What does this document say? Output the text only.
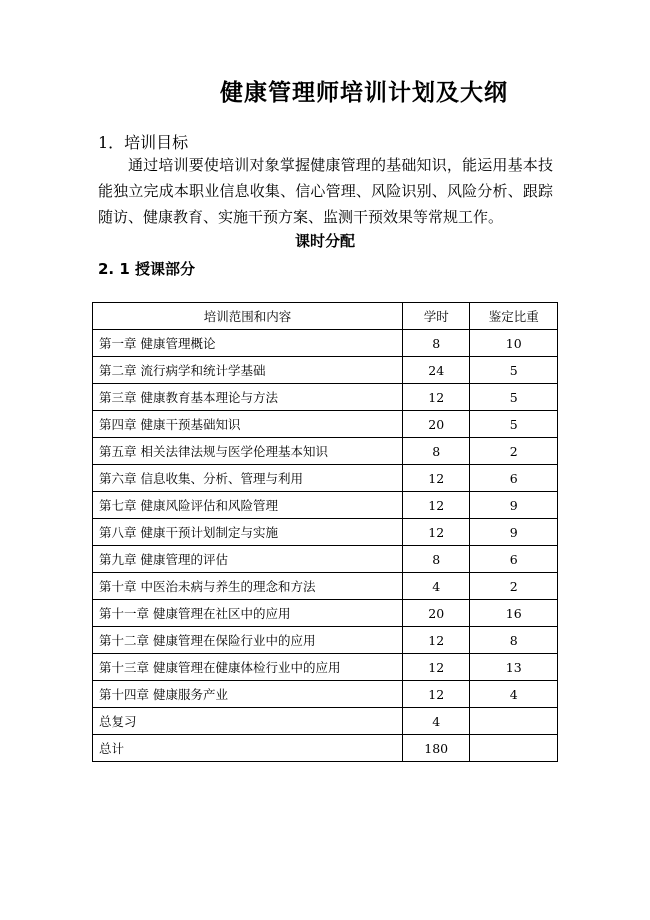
健康管理师培训计划及大纲
1．培训目标
通过培训要使培训对象掌握健康管理的基础知识，能运用基本技能独立完成本职业信息收集、信心管理、风险识别、风险分析、跟踪随访、健康教育、实施干预方案、监测干预效果等常规工作。
课时分配
2. 1 授课部分
培训范围和内容	学时	鉴定比重
第一章 健康管理概论	8	10
第二章 流行病学和统计学基础	24	5
第三章 健康教育基本理论与方法	12	5
第四章 健康干预基础知识	20	5
第五章 相关法律法规与医学伦理基本知识	8	2
第六章 信息收集、分析、管理与利用	12	6
第七章 健康风险评估和风险管理	12	9
第八章 健康干预计划制定与实施	12	9
第九章 健康管理的评估	8	6
第十章 中医治未病与养生的理念和方法	4	2
第十一章 健康管理在社区中的应用	20	16
第十二章 健康管理在保险行业中的应用	12	8
第十三章 健康管理在健康体检行业中的应用	12	13
第十四章 健康服务产业	12	4
总复习	4	
总计	180	
